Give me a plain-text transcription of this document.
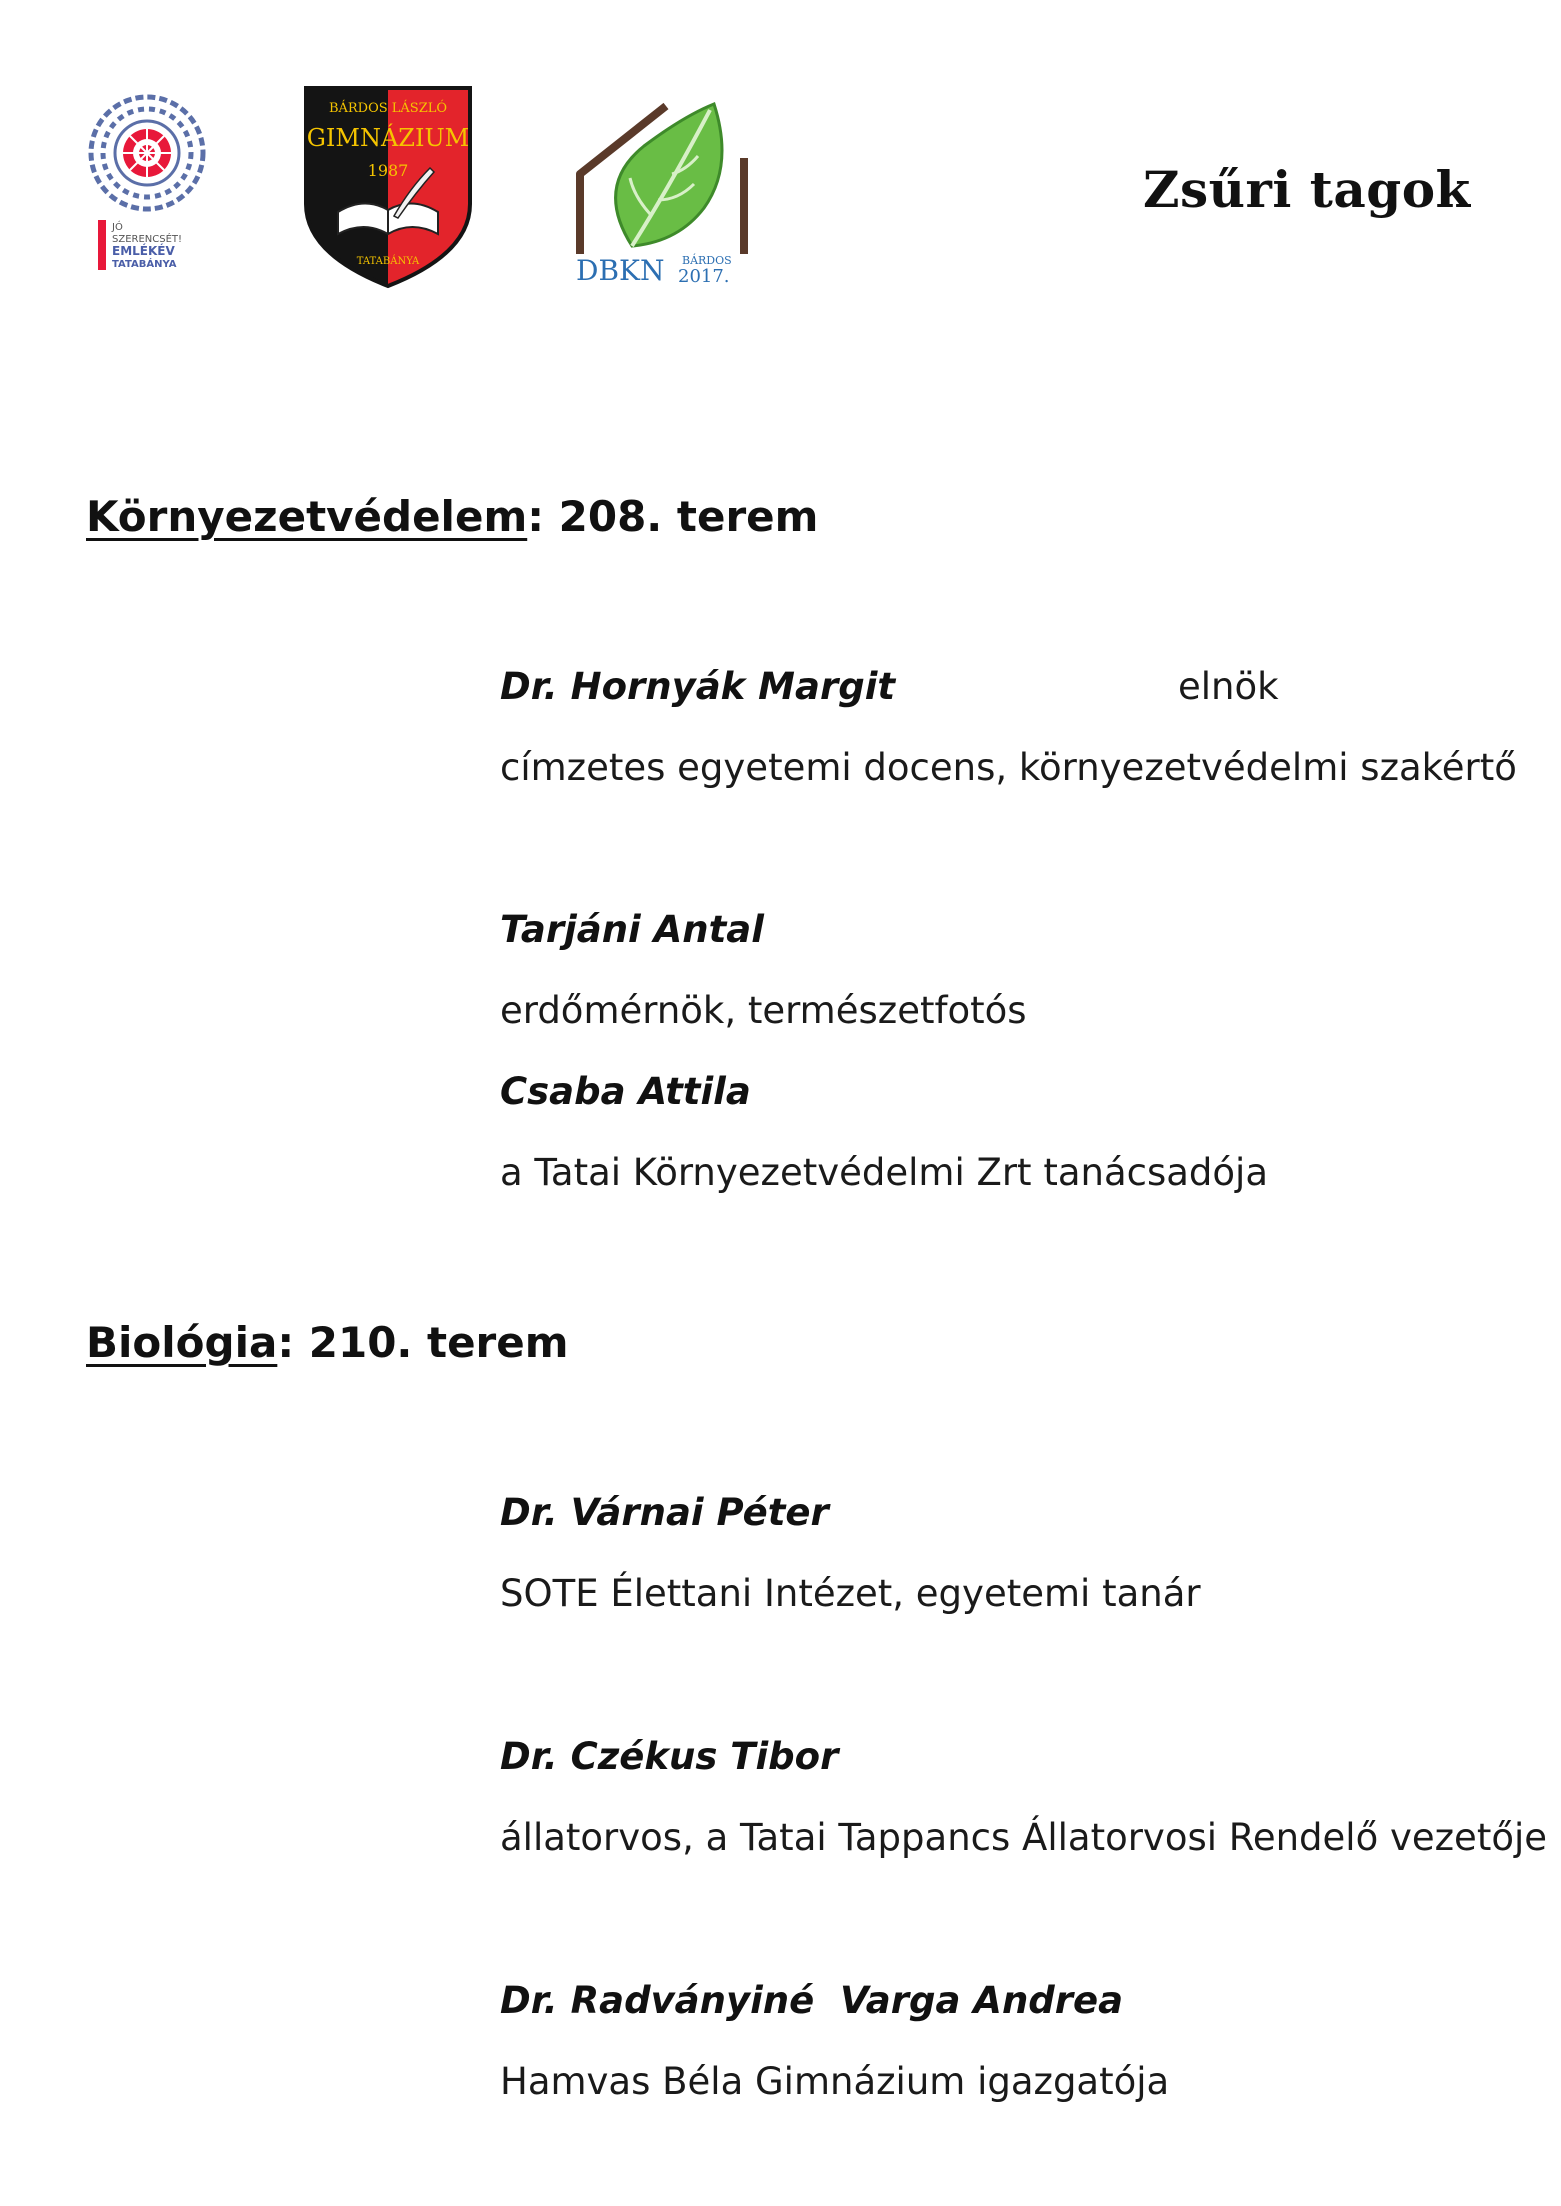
JÓ
SZERENCSÉT!
EMLÉKÉV
TATABÁNYA
BÁRDOS LÁSZLÓ
GIMNÁZIUM
1987
TATABÁNYA	DBKN BÁRDOS
2017.
Zsűri tagok
Környezetvédelem: 208. terem
Dr. Hornyák Margit	elnök
címzetes egyetemi docens, környezetvédelmi szakértő
Tarjáni Antal
erdőmérnök, természetfotós
Csaba Attila
a Tatai Környezetvédelmi Zrt tanácsadója
Biológia: 210. terem
Dr. Várnai Péter
SOTE Élettani Intézet, egyetemi tanár
Dr. Czékus Tibor
állatorvos, a Tatai Tappancs Állatorvosi Rendelő vezetője
Dr. Radványiné  Varga Andrea
Hamvas Béla Gimnázium igazgatója
